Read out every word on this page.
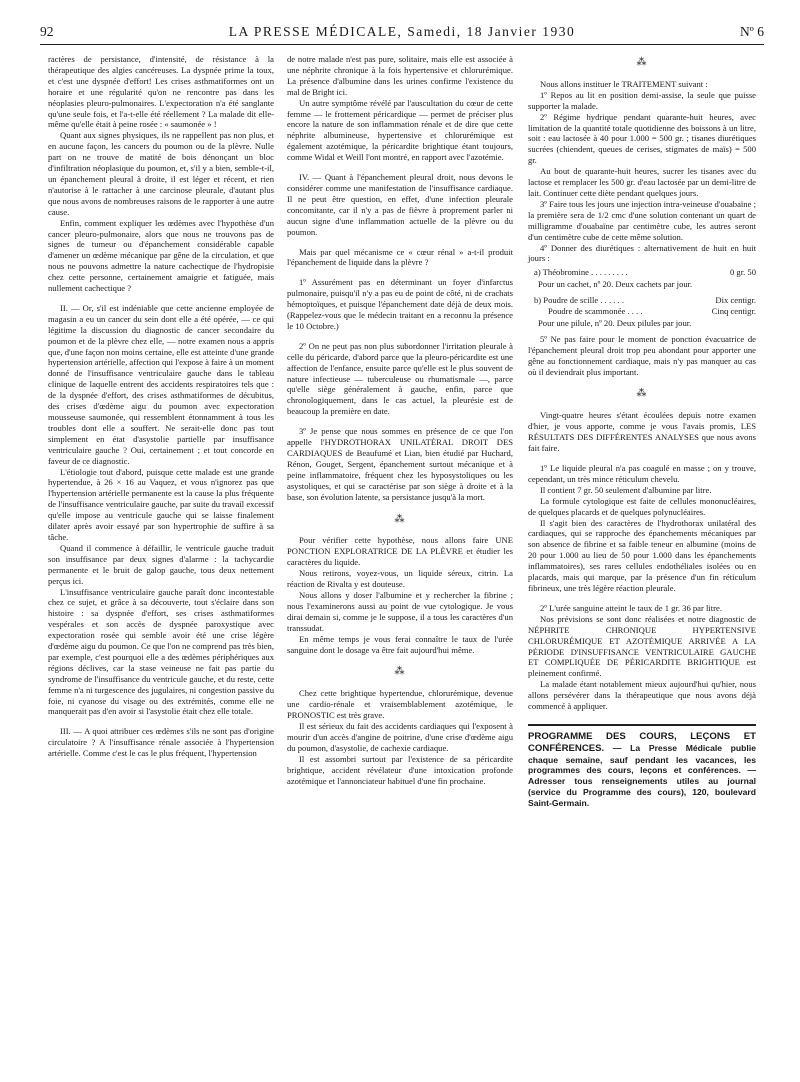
92	LA PRESSE MÉDICALE, Samedi, 18 Janvier 1930	Nº 6

ractères de persistance, d'intensité, de résistance à la thérapeutique des algies cancéreuses. La dyspnée prime la toux, et c'est une dyspnée d'effort! Les crises asthmatiformes ont un horaire et une régularité qu'on ne rencontre pas dans les néoplasies pleuro-pulmonaires. L'expectoration n'a été sanglante qu'une seule fois, et l'a-t-elle été réellement ? La malade dit elle-même qu'elle était à peine rosée : « saumonée » !

Quant aux signes physiques, ils ne rappellent pas non plus, et en aucune façon, les cancers du poumon ou de la plèvre. Nulle part on ne trouve de matité de bois dénonçant un bloc d'infiltration néoplasique du poumon, et, s'il y a bien, semble-t-il, un épanchement pleural à droite, il est léger et récent, et rien n'autorise à le rattacher à une carcinose pleurale, d'autant plus que nous avons de nombreuses raisons de le rapporter à une autre cause.

Enfin, comment expliquer les œdèmes avec l'hypothèse d'un cancer pleuro-pulmonaire, alors que nous ne trouvons pas de signes de tumeur ou d'épanchement considérable capable d'amener un œdème mécanique par gêne de la circulation, et que nous ne pouvons admettre la nature cachectique de l'hydropisie chez cette personne, certainement amaigrie et fatiguée, mais nullement cachectique ?

II. — Or, s'il est indéniable que cette ancienne employée de magasin a eu un cancer du sein dont elle a été opérée, — ce qui légitime la discussion du diagnostic de cancer secondaire du poumon et de la plèvre chez elle, — notre examen nous a appris que, d'une façon non moins certaine, elle est atteinte d'une grande hypertension artérielle, affection qui l'expose à faire à un moment donné de l'insuffisance ventriculaire gauche dans le tableau clinique de laquelle entrent des accidents respiratoires tels que : de la dyspnée d'effort, des crises asthmatiformes de décubitus, des crises d'œdème aigu du poumon avec expectoration mousseuse saumonée, qui ressemblent étonnamment à tous les troubles dont elle a souffert. Ne serait-elle donc pas tout simplement en état d'asystolie partielle par insuffisance ventriculaire gauche ? Oui, certainement ; et tout concorde en faveur de ce diagnostic.

L'étiologie tout d'abord, puisque cette malade est une grande hypertendue, à 26 × 16 au Vaquez, et vous n'ignorez pas que l'hypertension artérielle permanente est la cause la plus fréquente de l'insuffisance ventriculaire gauche, par suite du travail excessif qu'elle impose au ventricule gauche qui se laisse finalement dilater après avoir essayé par son hypertrophie de suffire à sa tâche.

Quand il commence à défaillir, le ventricule gauche traduit son insuffisance par deux signes d'alarme : la tachycardie permanente et le bruit de galop gauche, tous deux nettement perçus ici.

L'insuffisance ventriculaire gauche paraît donc incontestable chez ce sujet, et grâce à sa découverte, tout s'éclaire dans son histoire : sa dyspnée d'effort, ses crises asthmatiformes vespérales et son accès de dyspnée paroxystique avec expectoration rosée qui semble avoir été une crise légère d'œdème aigu du poumon. Ce que l'on ne comprend pas très bien, par exemple, c'est pourquoi elle a des œdèmes périphériques aux régions déclives, car la stase veineuse ne fait pas partie du syndrome de l'insuffisance du ventricule gauche, et du reste, cette femme n'a ni turgescence des jugulaires, ni congestion passive du foie, ni cyanose du visage ou des extrémités, comme elle ne manquerait pas d'en avoir si l'asystolie était chez elle totale.

III. — A quoi attribuer ces œdèmes s'ils ne sont pas d'origine circulatoire ? A l'insuffisance rénale associée à l'hypertension artérielle. Comme c'est le cas le plus fréquent, l'hypertension

de notre malade n'est pas pure, solitaire, mais elle est associée à une néphrite chronique à la fois hypertensive et chlorurémique. La présence d'albumine dans les urines confirme l'existence du mal de Bright ici.

Un autre symptôme révélé par l'auscultation du cœur de cette femme — le frottement péricardique — permet de préciser plus encore la nature de son inflammation rénale et de dire que cette néphrite albumineuse, hypertensive et chlorurémique est également azotémique, la péricardite brightique étant toujours, comme Widal et Weill l'ont montré, en rapport avec l'azotémie.

IV. — Quant à l'épanchement pleural droit, nous devons le considérer comme une manifestation de l'insuffisance cardiaque. Il ne peut être question, en effet, d'une infection pleurale concomitante, car il n'y a pas de fièvre à proprement parler ni aucun signe d'une inflammation actuelle de la plèvre ou du poumon.

Mais par quel mécanisme ce « cœur rénal » a-t-il produit l'épanchement de liquide dans la plèvre ?

1º Assurément pas en déterminant un foyer d'infarctus pulmonaire, puisqu'il n'y a pas eu de point de côté, ni de crachats hémoptoïques, et puisque l'épanchement date déjà de deux mois. (Rappelez-vous que le médecin traitant en a reconnu la présence le 10 Octobre.)

2º On ne peut pas non plus subordonner l'irritation pleurale à celle du péricarde, d'abord parce que la pleuro-péricardite est une affection de l'enfance, ensuite parce qu'elle est le plus souvent de nature infectieuse — tuberculeuse ou rhumatismale —, parce qu'elle siège généralement à gauche, enfin, parce que chronologiquement, dans le cas actuel, la pleurésie est de beaucoup la première en date.

3º Je pense que nous sommes en présence de ce que l'on appelle l'HYDROTHORAX UNILATÉRAL DROIT DES CARDIAQUES de Beaufumé et Lian, bien étudié par Huchard, Rénon, Gouget, Sergent, épanchement surtout mécanique et à peine inflammatoire, fréquent chez les hyposystoliques ou les asystoliques, et qui se caractérise par son siège à droite et à la base, son évolution latente, sa persistance jusqu'à la mort.

⁂

Pour vérifier cette hypothèse, nous allons faire UNE PONCTION EXPLORATRICE DE LA PLÈVRE et étudier les caractères du liquide.

Nous retirons, voyez-vous, un liquide séreux, citrin. La réaction de Rivalta y est douteuse.

Nous allons y doser l'albumine et y rechercher la fibrine ; nous l'examinerons aussi au point de vue cytologique. Je vous dirai demain si, comme je le suppose, il a tous les caractères d'un transsudat.

En même temps je vous ferai connaître le taux de l'urée sanguine dont le dosage va être fait aujourd'hui même.

⁂

Chez cette brightique hypertendue, chlorurémique, devenue une cardio-rénale et vraisemblablement azotémique, le PRONOSTIC est très grave.

Il est sérieux du fait des accidents cardiaques qui l'exposent à mourir d'un accès d'angine de poitrine, d'une crise d'œdème aigu du poumon, d'asystolie, de cachexie cardiaque.

Il est assombri surtout par l'existence de sa péricardite brightique, accident révélateur d'une intoxication profonde azotémique et l'annonciateur habituel d'une fin prochaine.

⁂

Nous allons instituer le TRAITEMENT suivant :

1º Repos au lit en position demi-assise, la seule que puisse supporter la malade.

2º Régime hydrique pendant quarante-huit heures, avec limitation de la quantité totale quotidienne des boissons à un litre, soit : eau lactosée à 40 pour 1.000 = 500 gr. ; tisanes diurétiques sucrées (chiendent, queues de cerises, stigmates de maïs) = 500 gr.

Au bout de quarante-huit heures, sucrer les tisanes avec du lactose et remplacer les 500 gr. d'eau lactosée par un demi-litre de lait. Continuer cette diète pendant quelques jours.

3º Faire tous les jours une injection intra-veineuse d'ouabaïne ; la première sera de 1/2 cmc d'une solution contenant un quart de milligramme d'ouabaïne par centimètre cube, les autres seront d'un centimètre cube de cette même solution.

4º Donner des diurétiques : alternativement de huit en huit jours :

a) Théobromine . . . . . . . . .	0 gr. 50
Pour un cachet, nº 20. Deux cachets par jour.
b) Poudre de scille . . . . . .	Dix centigr.
Poudre de scammonée . . . .	Cinq centigr.
Pour une pilule, nº 20. Deux pilules par jour.

5º Ne pas faire pour le moment de ponction évacuatrice de l'épanchement pleural droit trop peu abondant pour apporter une gêne au fonctionnement cardiaque, mais n'y pas manquer au cas où il deviendrait plus important.

⁂

Vingt-quatre heures s'étant écoulées depuis notre examen d'hier, je vous apporte, comme je vous l'avais promis, LES RÉSULTATS DES DIFFÉRENTES ANALYSES que nous avons fait faire.

1º Le liquide pleural n'a pas coagulé en masse ; on y trouve, cependant, un très mince réticulum chevelu.

Il contient 7 gr. 50 seulement d'albumine par litre.

La formule cytologique est faite de cellules mononucléaires, de quelques placards et de quelques polynucléaires.

Il s'agit bien des caractères de l'hydrothorax unilatéral des cardiaques, qui se rapproche des épanchements mécaniques par son absence de fibrine et sa faible teneur en albumine (moins de 20 pour 1.000 au lieu de 50 pour 1.000 dans les épanchements inflammatoires), ses rares cellules endothéliales isolées ou en placards, mais qui marque, par la présence d'un fin réticulum fibrineux, une très légère réaction pleurale.

2º L'urée sanguine atteint le taux de 1 gr. 36 par litre.

Nos prévisions se sont donc réalisées et notre diagnostic de NÉPHRITE CHRONIQUE HYPERTENSIVE CHLORURÉMIQUE ET AZOTÉMIQUE ARRIVÉE A LA PÉRIODE D'INSUFFISANCE VENTRICULAIRE GAUCHE ET COMPLIQUÉE DE PÉRICARDITE BRIGHTIQUE est pleinement confirmé.

La malade étant notablement mieux aujourd'hui qu'hier, nous allons persévérer dans la thérapeutique que nous avons déjà commencé à appliquer.

PROGRAMME DES COURS, LEÇONS ET CONFÉRENCES. — La Presse Médicale publie chaque semaine, sauf pendant les vacances, les programmes des cours, leçons et conférences. — Adresser tous renseignements utiles au journal (service du Programme des cours), 120, boulevard Saint-Germain.
